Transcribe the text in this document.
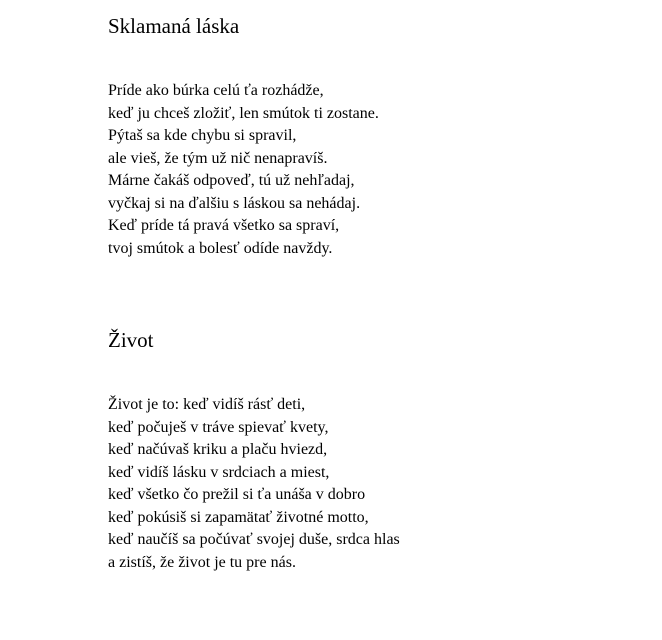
Sklamaná láska
Príde ako búrka celú ťa rozhádže,
keď ju chceš zložiť, len smútok ti zostane.
Pýtaš sa kde chybu si spravil,
ale vieš, že tým už nič nenapravíš.
Márne čakáš odpoveď, tú už nehľadaj,
vyčkaj si na ďalšiu s láskou sa nehádaj.
Keď príde tá pravá všetko sa spraví,
tvoj smútok a bolesť odíde navždy.
Život
Život je to: keď vidíš rásť deti,
keď počuješ v tráve spievať kvety,
keď načúvaš kriku a plaču hviezd,
keď vidíš lásku v srdciach a miest,
keď všetko čo prežil si ťa unáša v dobro
keď pokúsiš si zapamätať životné motto,
keď naučíš sa počúvať svojej duše, srdca hlas
a zistíš, že život je tu pre nás.
